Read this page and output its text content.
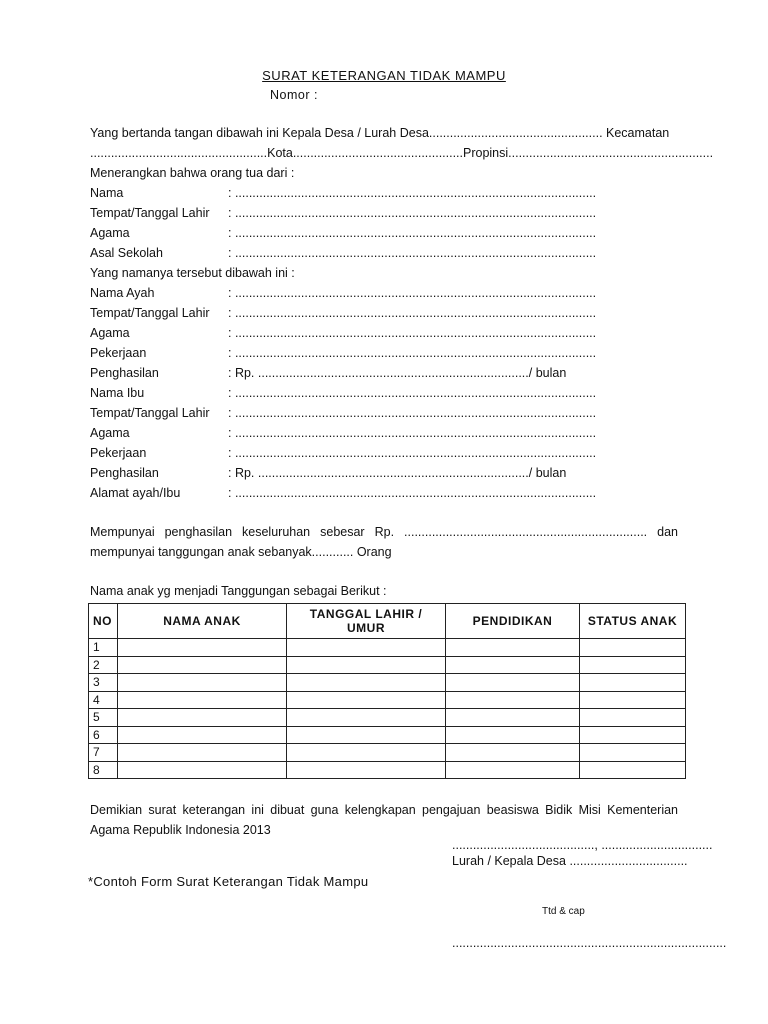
SURAT KETERANGAN TIDAK MAMPU
Nomor :
Yang bertanda tangan dibawah ini Kepala Desa / Lurah Desa.................................................. Kecamatan
...................................................Kota.................................................Propinsi...........................................................
Menerangkan bahwa orang tua dari :
Nama	: ........................................................................................................
Tempat/Tanggal Lahir : ........................................................................................................
Agama	: ........................................................................................................
Asal Sekolah	: ........................................................................................................
Yang namanya tersebut dibawah ini :
Nama Ayah	: ........................................................................................................
Tempat/Tanggal Lahir : ........................................................................................................
Agama	: ........................................................................................................
Pekerjaan	: ........................................................................................................
Penghasilan	: Rp. ............................................................................../ bulan
Nama Ibu	: ........................................................................................................
Tempat/Tanggal Lahir : ........................................................................................................
Agama	: ........................................................................................................
Pekerjaan	: ........................................................................................................
Penghasilan	: Rp. ............................................................................../ bulan
Alamat ayah/Ibu	: ........................................................................................................
Mempunyai penghasilan keseluruhan sebesar Rp. ...................................................................... dan mempunyai tanggungan anak sebanyak............ Orang
Nama anak yg menjadi Tanggungan sebagai Berikut :
NO	NAMA ANAK	TANGGAL LAHIR / UMUR	PENDIDIKAN	STATUS ANAK
1				
2				
3				
4				
5				
6				
7				
8				
Demikian surat keterangan ini dibuat guna kelengkapan pengajuan beasiswa Bidik Misi Kementerian Agama Republik Indonesia 2013
........................................., ................................
Lurah / Kepala Desa ..................................
*Contoh Form Surat Keterangan Tidak Mampu
Ttd & cap
...............................................................................
